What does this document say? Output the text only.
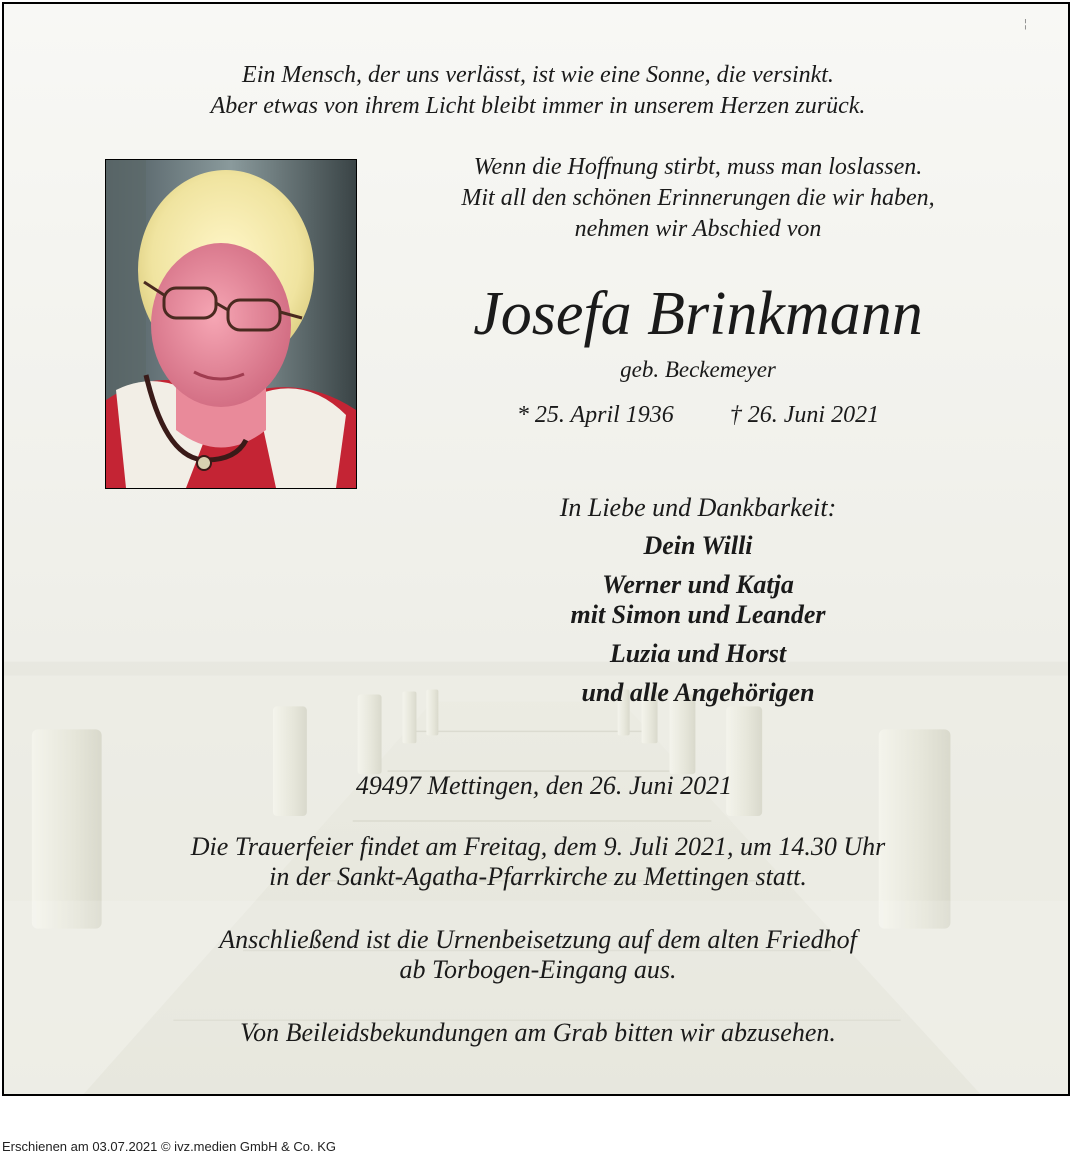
¦
Ein Mensch, der uns verlässt, ist wie eine Sonne, die versinkt.
Aber etwas von ihrem Licht bleibt immer in unserem Herzen zurück.
Wenn die Hoffnung stirbt, muss man loslassen.
Mit all den schönen Erinnerungen die wir haben,
nehmen wir Abschied von
Josefa Brinkmann
geb. Beckemeyer
* 25. April 1936 † 26. Juni 2021
In Liebe und Dankbarkeit:
Dein Willi
Werner und Katja
mit Simon und Leander
Luzia und Horst
und alle Angehörigen
49497 Mettingen, den 26. Juni 2021
Die Trauerfeier findet am Freitag, dem 9. Juli 2021, um 14.30 Uhr
in der Sankt-Agatha-Pfarrkirche zu Mettingen statt.
Anschließend ist die Urnenbeisetzung auf dem alten Friedhof
ab Torbogen-Eingang aus.
Von Beileidsbekundungen am Grab bitten wir abzusehen.
Erschienen am 03.07.2021 © ivz.medien GmbH & Co. KG
